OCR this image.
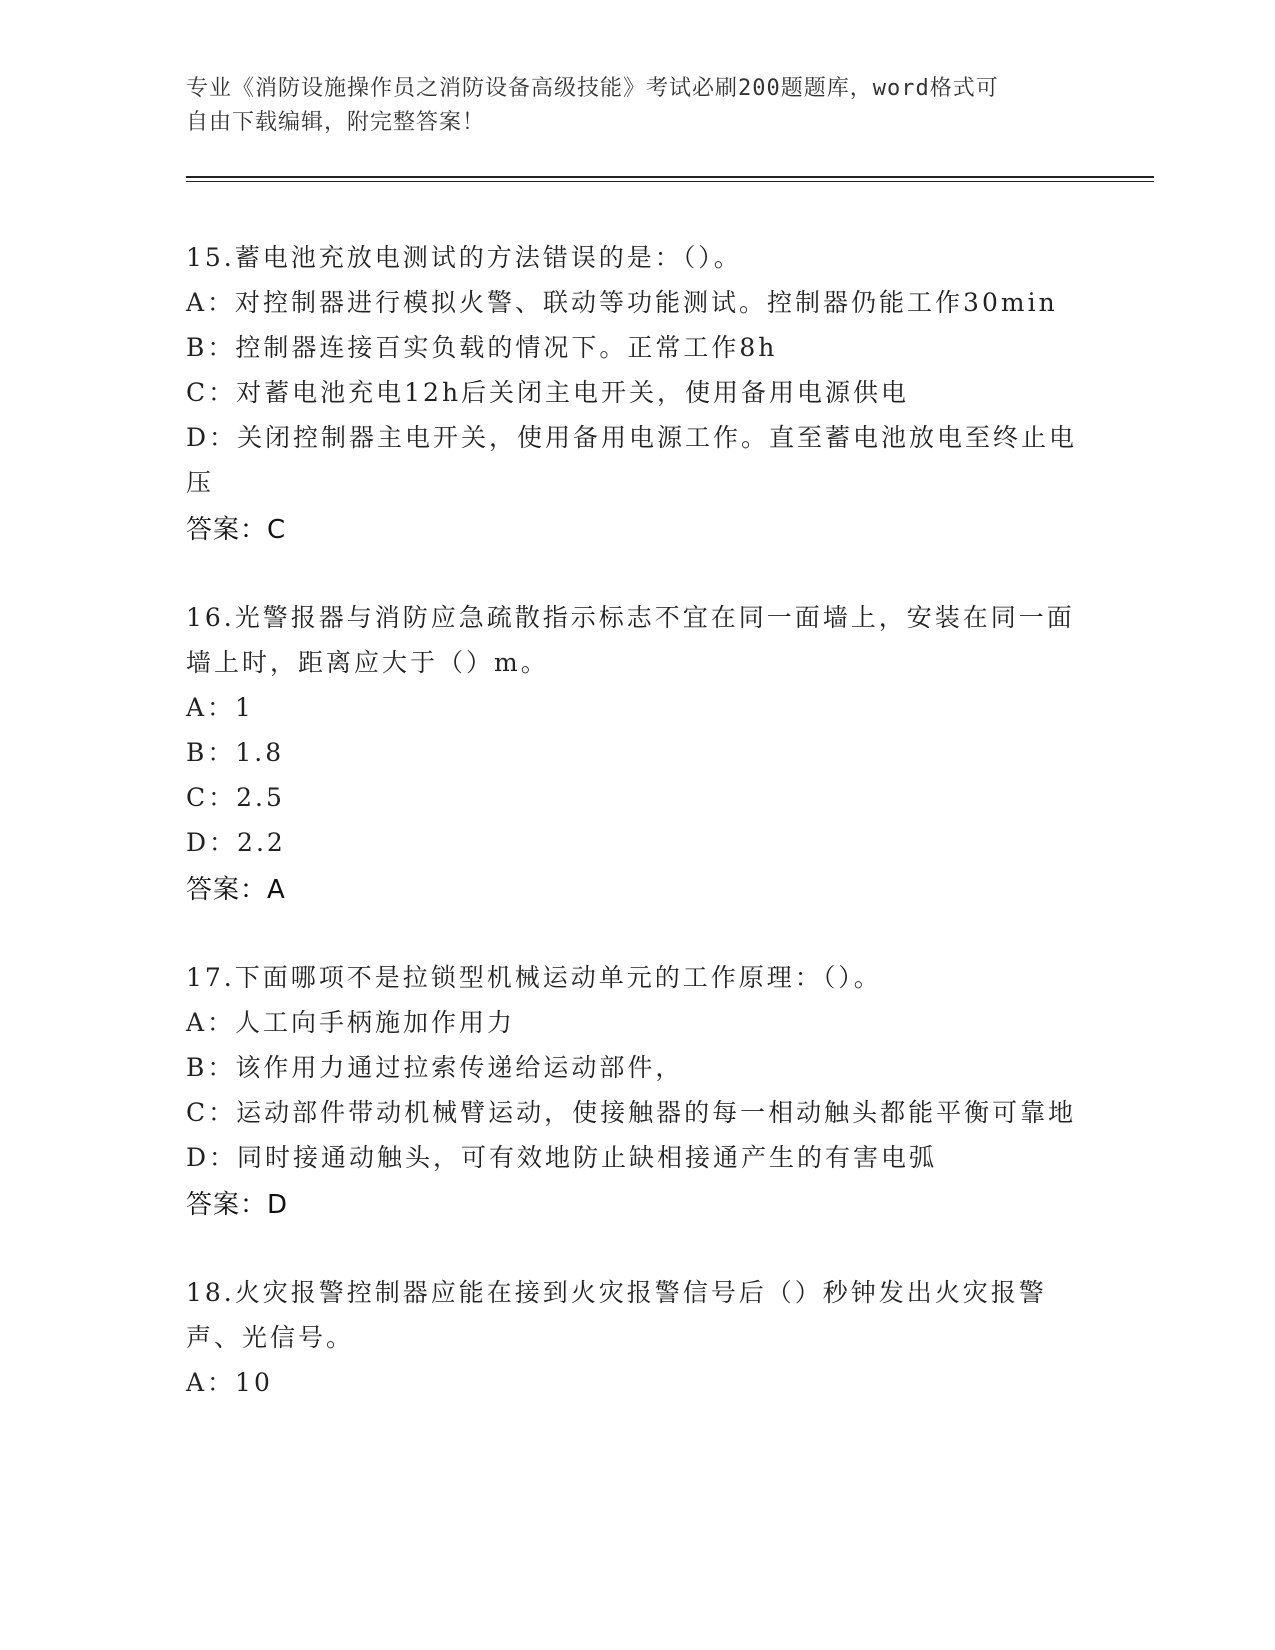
专业《消防设施操作员之消防设备高级技能》考试必刷200题题库，word格式可
自由下载编辑，附完整答案！
15.蓄电池充放电测试的方法错误的是：（）。
A：对控制器进行模拟火警、联动等功能测试。控制器仍能工作30min
B：控制器连接百实负载的情况下。正常工作8h
C：对蓄电池充电12h后关闭主电开关，使用备用电源供电
D：关闭控制器主电开关，使用备用电源工作。直至蓄电池放电至终止电压
答案：C
16.光警报器与消防应急疏散指示标志不宜在同一面墙上，安装在同一面墙上时，距离应大于（）m。
A：1
B：1.8
C：2.5
D：2.2
答案：A
17.下面哪项不是拉锁型机械运动单元的工作原理：（）。
A：人工向手柄施加作用力
B：该作用力通过拉索传递给运动部件，
C：运动部件带动机械臂运动，使接触器的每一相动触头都能平衡可靠地
D：同时接通动触头，可有效地防止缺相接通产生的有害电弧
答案：D
18.火灾报警控制器应能在接到火灾报警信号后（）秒钟发出火灾报警声、光信号。
A：10
